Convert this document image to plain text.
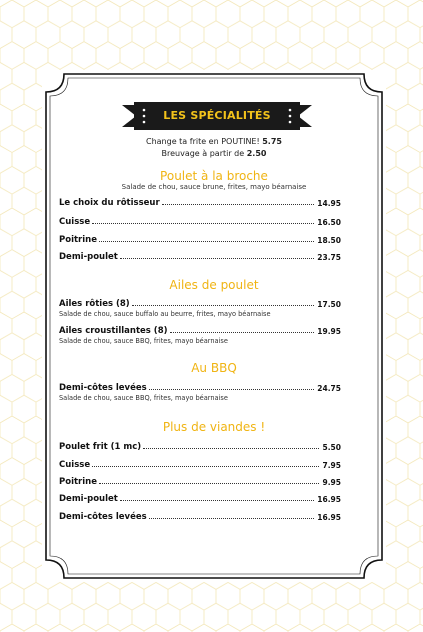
LES SPÉCIALITÉS
Change ta frite en POUTINE! 5.75
Breuvage à partir de 2.50
Poulet à la broche
Salade de chou, sauce brune, frites, mayo béarnaise
Le choix du rôtisseur	14.95
Cuisse	16.50
Poitrine	18.50
Demi-poulet	23.75
Ailes de poulet
Ailes rôties (8)	17.50
Salade de chou, sauce buffalo au beurre, frites, mayo béarnaise
Ailes croustillantes (8)	19.95
Salade de chou, sauce BBQ, frites, mayo béarnaise
Au BBQ
Demi-côtes levées	24.75
Salade de chou, sauce BBQ, frites, mayo béarnaise
Plus de viandes !
Poulet frit (1 mc)	5.50
Cuisse	7.95
Poitrine	9.95
Demi-poulet	16.95
Demi-côtes levées	16.95
